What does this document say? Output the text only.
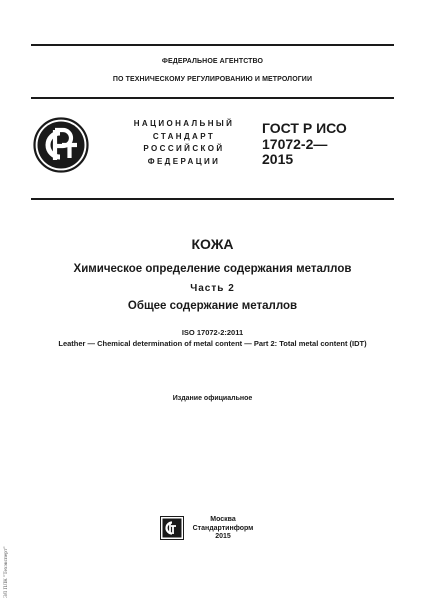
ФЕДЕРАЛЬНОЕ АГЕНТСТВО
ПО ТЕХНИЧЕСКОМУ РЕГУЛИРОВАНИЮ И МЕТРОЛОГИИ
НАЦИОНАЛЬНЫЙ
СТАНДАРТ
РОССИЙСКОЙ
ФЕДЕРАЦИИ
ГОСТ Р ИСО
17072-2—
2015
КОЖА
Химическое определение содержания металлов
Часть 2
Общее содержание металлов
ISO 17072-2:2011
Leather — Chemical determination of metal content — Part 2: Total metal content (IDT)
Издание официальное
Москва
Стандартинформ
2015
ЭЛ ПЛК "Техэксперт"
